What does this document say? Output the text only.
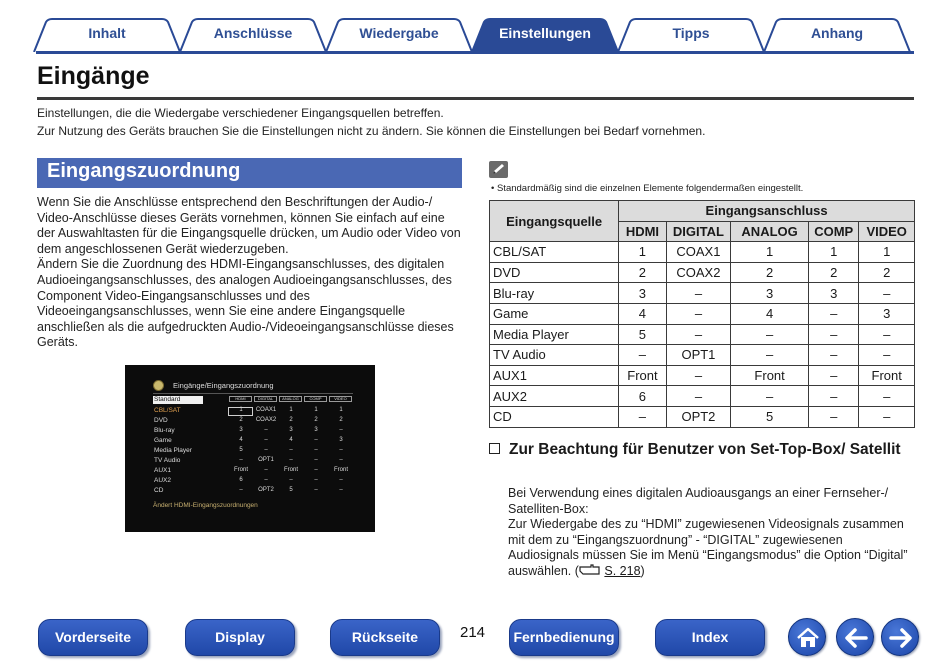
Inhalt	Anschlüsse	Wiedergabe	Einstellungen	Tipps	Anhang
Eingänge
Einstellungen, die die Wiedergabe verschiedener Eingangsquellen betreffen.
Zur Nutzung des Geräts brauchen Sie die Einstellungen nicht zu ändern. Sie können die Einstellungen bei Bedarf vornehmen.
Eingangszuordnung

Wenn Sie die Anschlüsse entsprechend den Beschriftungen der Audio-/ Video-Anschlüsse dieses Geräts vornehmen, können Sie einfach auf eine der Auswahltasten für die Eingangsquelle drücken, um Audio oder Video von dem angeschlossenen Gerät wiederzugeben.

Ändern Sie die Zuordnung des HDMI-Eingangsanschlusses, des digitalen Audioeingangsanschlusses, des analogen Audioeingangsanschlusses, des Component Video-Eingangsanschlusses und des Videoeingangsanschlusses, wenn Sie eine andere Eingangsquelle anschließen als die aufgedruckten Audio-/Videoeingangsanschlüsse dieses Geräts.

Eingänge/Eingangszuordnung
Standard
Ändert HDMI-Eingangszuordnungen
HDMI	DIGITAL	ANALOG	COMP	VIDEO
CBL/SAT	1	COAX1	1	1	1
DVD	2	COAX2	2	2	2
Blu-ray	3	–	3	3	–
Game	4	–	4	–	3
Media Player	5	–	–	–	–
TV Audio	–	OPT1	–	–	–
AUX1	Front	–	Front	–	Front
AUX2	6	–	–	–	–
CD	–	OPT2	5	–	–
• Standardmäßig sind die einzelnen Elemente folgendermaßen eingestellt.
Eingangsquelle	Eingangsanschluss				
	HDMI	DIGITAL	ANALOG	COMP	VIDEO
CBL/SAT	1	COAX1	1	1	1
DVD	2	COAX2	2	2	2
Blu-ray	3	–	3	3	–
Game	4	–	4	–	3
Media Player	5	–	–	–	–
TV Audio	–	OPT1	–	–	–
AUX1	Front	–	Front	–	Front
AUX2	6	–	–	–	–
CD	–	OPT2	5	–	–
Zur Beachtung für Benutzer von Set-Top-Box/ Satellit

Bei Verwendung eines digitalen Audioausgangs an einer Fernseher-/ Satelliten-Box:

Zur Wiedergabe des zu “HDMI” zugewiesenen Videosignals zusammen mit dem zu “Eingangszuordnung” - “DIGITAL” zugewiesenen Audiosignals müssen Sie im Menü “Eingangsmodus” die Option “Digital” auswählen. ( S. 218)

Vorderseite	Display	Rückseite	214	Fernbedienung	Index
